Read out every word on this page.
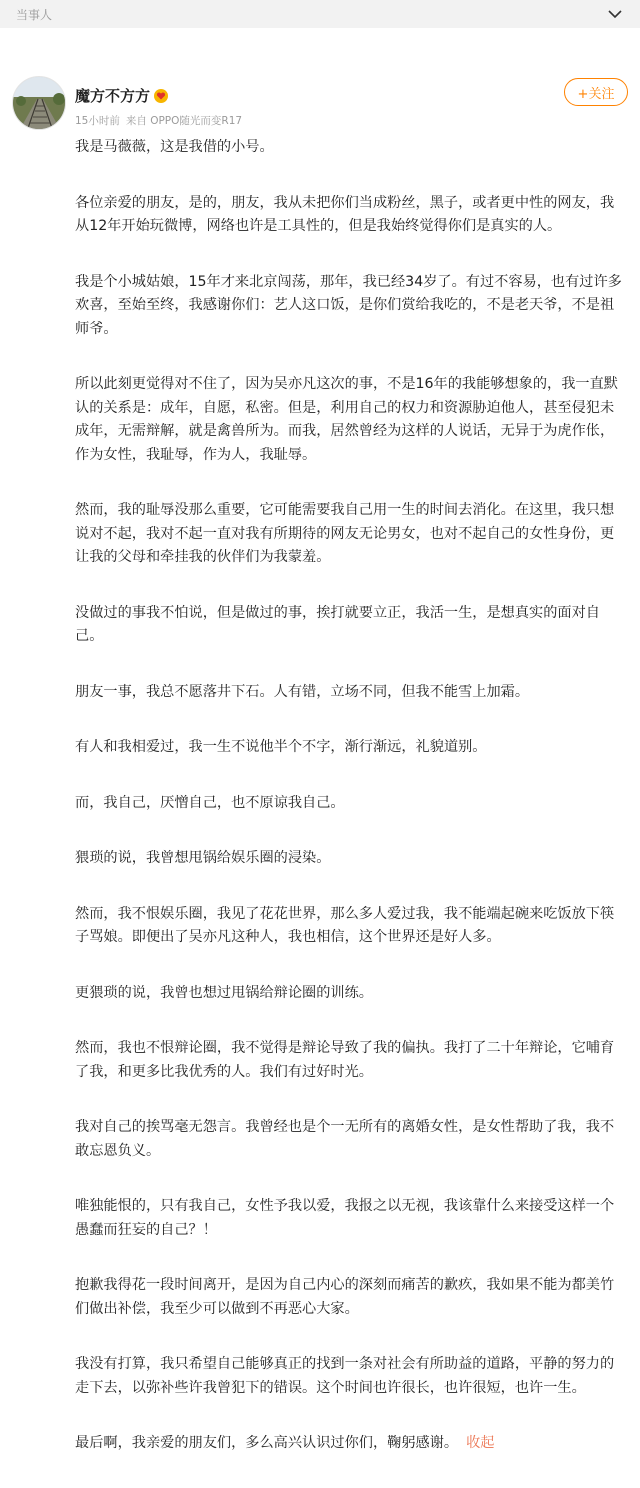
当事人
魔方不方方
15小时前 来自 OPPO随光而变R17
+关注

我是马薇薇，这是我借的小号。

各位亲爱的朋友，是的，朋友，我从未把你们当成粉丝，黑子，或者更中性的网友，我从12年开始玩微博，网络也许是工具性的，但是我始终觉得你们是真实的人。

我是个小城姑娘，15年才来北京闯荡，那年，我已经34岁了。有过不容易，也有过许多欢喜，至始至终，我感谢你们：艺人这口饭，是你们赏给我吃的，不是老天爷，不是祖师爷。

所以此刻更觉得对不住了，因为吴亦凡这次的事，不是16年的我能够想象的，我一直默认的关系是：成年，自愿，私密。但是，利用自己的权力和资源胁迫他人，甚至侵犯未成年，无需辩解，就是禽兽所为。而我，居然曾经为这样的人说话，无异于为虎作伥，作为女性，我耻辱，作为人，我耻辱。

然而，我的耻辱没那么重要，它可能需要我自己用一生的时间去消化。在这里，我只想说对不起，我对不起一直对我有所期待的网友无论男女，也对不起自己的女性身份，更让我的父母和牵挂我的伙伴们为我蒙羞。

没做过的事我不怕说，但是做过的事，挨打就要立正，我活一生，是想真实的面对自己。

朋友一事，我总不愿落井下石。人有错，立场不同，但我不能雪上加霜。

有人和我相爱过，我一生不说他半个不字，渐行渐远，礼貌道别。

而，我自己，厌憎自己，也不原谅我自己。

猥琐的说，我曾想甩锅给娱乐圈的浸染。

然而，我不恨娱乐圈，我见了花花世界，那么多人爱过我，我不能端起碗来吃饭放下筷子骂娘。即便出了吴亦凡这种人，我也相信，这个世界还是好人多。

更猥琐的说，我曾也想过甩锅给辩论圈的训练。

然而，我也不恨辩论圈，我不觉得是辩论导致了我的偏执。我打了二十年辩论，它哺育了我，和更多比我优秀的人。我们有过好时光。

我对自己的挨骂毫无怨言。我曾经也是个一无所有的离婚女性，是女性帮助了我，我不敢忘恩负义。

唯独能恨的，只有我自己，女性予我以爱，我报之以无视，我该靠什么来接受这样一个愚蠢而狂妄的自己？！

抱歉我得花一段时间离开，是因为自己内心的深刻而痛苦的歉疚，我如果不能为都美竹们做出补偿，我至少可以做到不再恶心大家。

我没有打算，我只希望自己能够真正的找到一条对社会有所助益的道路，平静的努力的走下去，以弥补些许我曾犯下的错误。这个时间也许很长，也许很短，也许一生。

最后啊，我亲爱的朋友们，多么高兴认识过你们，鞠躬感谢。 收起
